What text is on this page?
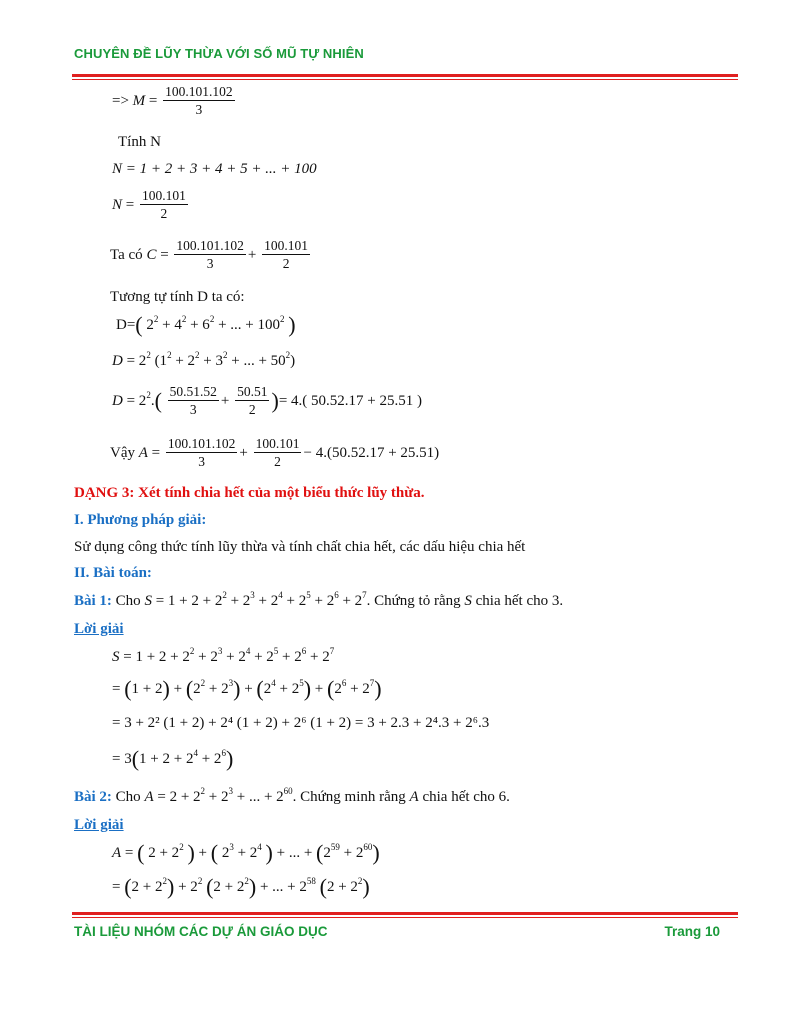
CHUYÊN ĐỀ LŨY THỪA VỚI SỐ MŨ TỰ NHIÊN
=> $M = \frac{100.101.102}{3}$
Tính N
N = 1 + 2 + 3 + 4 + 5 + ... + 100
$N = \frac{100.101}{2}$
Ta có $C = \frac{100.101.102}{3} + \frac{100.101}{2}$
Tương tự tính D ta có:
D=( $2^2 + 4^2 + 6^2$ + ... + $100^2$ )
$D = 2^2$ ($1^2 + 2^2 + 3^2$ + ... + $50^2$)
$D = 2^2.( \frac{50.51.52}{3} + \frac{50.51}{2}$ )= 4.( 50.52.17 + 25.51 )
Vậy $A = \frac{100.101.102}{3} + \frac{100.101}{2} - 4.(50.52.17 + 25.51)$
DẠNG 3: Xét tính chia hết của một biểu thức lũy thừa.
I. Phương pháp giải:
Sử dụng công thức tính lũy thừa và tính chất chia hết, các dấu hiệu chia hết
II. Bài toán:
Bài 1: Cho $S = 1 + 2 + 2^2 + 2^3 + 2^4 + 2^5 + 2^6 + 2^7$. Chứng tỏ rằng S chia hết cho 3.
Lời giải
$S = 1 + 2 + 2^2 + 2^3 + 2^4 + 2^5 + 2^6 + 2^7$
= $(1 + 2) + (2^2 + 2^3) + (2^4 + 2^5) + (2^6 + 2^7)$
= 3 + 2² (1 + 2) + 2⁴ (1 + 2) + 2⁶ (1 + 2) = 3 + 2.3 + 2⁴.3 + 2⁶.3
= $3(1 + 2 + 2^4 + 2^6)$
Bài 2: Cho $A = 2 + 2^2 + 2^3$ + ... + $2^{60}$. Chứng minh rằng A chia hết cho 6.
Lời giải
A = ( $2 + 2^2$ ) + ( $2^3 + 2^4$ ) + ... + $(2^{59} + 2^{60})$
= $(2 + 2^2) + 2^2$ $(2 + 2^2)$ + ... + $2^{58}$ $(2 + 2^2)$
TÀI LIỆU NHÓM CÁC DỰ ÁN GIÁO DỤC	Trang 10
